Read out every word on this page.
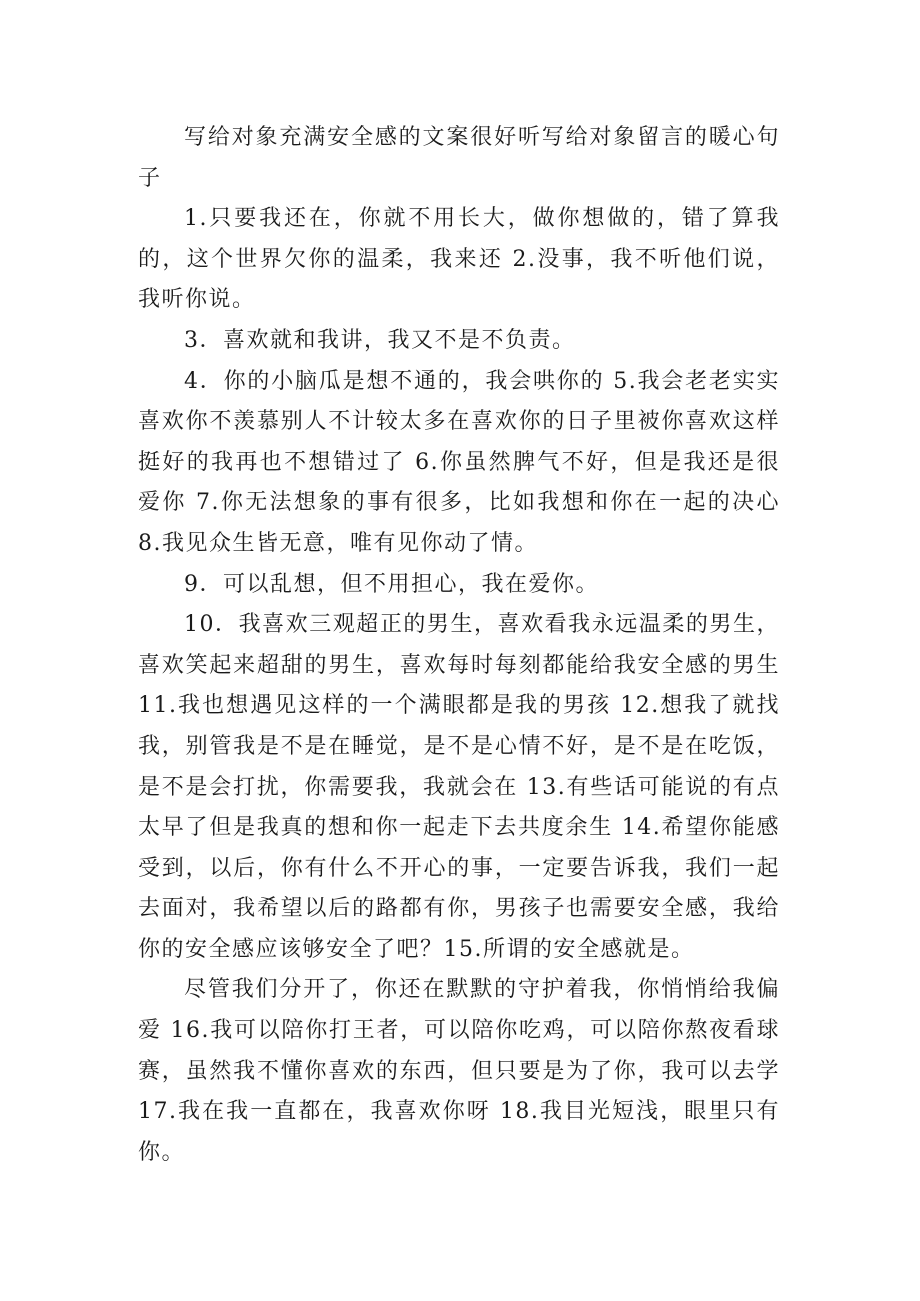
写给对象充满安全感的文案很好听写给对象留言的暖心句子

1.只要我还在，你就不用长大，做你想做的，错了算我的，这个世界欠你的温柔，我来还 2.没事，我不听他们说，我听你说。

3．喜欢就和我讲，我又不是不负责。

4．你的小脑瓜是想不通的，我会哄你的 5.我会老老实实喜欢你不羡慕别人不计较太多在喜欢你的日子里被你喜欢这样挺好的我再也不想错过了 6.你虽然脾气不好，但是我还是很爱你 7.你无法想象的事有很多，比如我想和你在一起的决心 8.我见众生皆无意，唯有见你动了情。

9．可以乱想，但不用担心，我在爱你。

10．我喜欢三观超正的男生，喜欢看我永远温柔的男生，喜欢笑起来超甜的男生，喜欢每时每刻都能给我安全感的男生 11.我也想遇见这样的一个满眼都是我的男孩 12.想我了就找我，别管我是不是在睡觉，是不是心情不好，是不是在吃饭，是不是会打扰，你需要我，我就会在 13.有些话可能说的有点太早了但是我真的想和你一起走下去共度余生 14.希望你能感受到，以后，你有什么不开心的事，一定要告诉我，我们一起去面对，我希望以后的路都有你，男孩子也需要安全感，我给你的安全感应该够安全了吧？15.所谓的安全感就是。

尽管我们分开了，你还在默默的守护着我，你悄悄给我偏爱 16.我可以陪你打王者，可以陪你吃鸡，可以陪你熬夜看球赛，虽然我不懂你喜欢的东西，但只要是为了你，我可以去学 17.我在我一直都在，我喜欢你呀 18.我目光短浅，眼里只有你。
